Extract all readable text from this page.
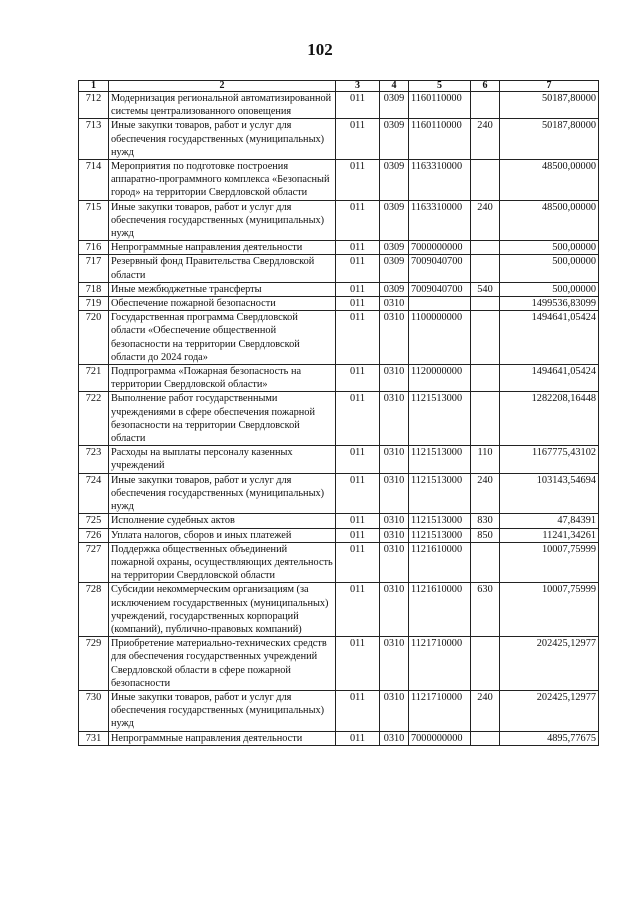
102
1	2	3	4	5	6	7
712	Модернизация региональной автоматизированной системы централизованного оповещения	011	0309	1160110000		50187,80000
713	Иные закупки товаров, работ и услуг для обеспечения государственных (муниципальных) нужд	011	0309	1160110000	240	50187,80000
714	Мероприятия по подготовке построения аппаратно-программного комплекса «Безопасный город» на территории Свердловской области	011	0309	1163310000		48500,00000
715	Иные закупки товаров, работ и услуг для обеспечения государственных (муниципальных) нужд	011	0309	1163310000	240	48500,00000
716	Непрограммные направления деятельности	011	0309	7000000000		500,00000
717	Резервный фонд Правительства Свердловской области	011	0309	7009040700		500,00000
718	Иные межбюджетные трансферты	011	0309	7009040700	540	500,00000
719	Обеспечение пожарной безопасности	011	0310			1499536,83099
720	Государственная программа Свердловской области «Обеспечение общественной безопасности на территории Свердловской области до 2024 года»	011	0310	1100000000		1494641,05424
721	Подпрограмма «Пожарная безопасность на территории Свердловской области»	011	0310	1120000000		1494641,05424
722	Выполнение работ государственными учреждениями в сфере обеспечения пожарной безопасности на территории Свердловской области	011	0310	1121513000		1282208,16448
723	Расходы на выплаты персоналу казенных учреждений	011	0310	1121513000	110	1167775,43102
724	Иные закупки товаров, работ и услуг для обеспечения государственных (муниципальных) нужд	011	0310	1121513000	240	103143,54694
725	Исполнение судебных актов	011	0310	1121513000	830	47,84391
726	Уплата налогов, сборов и иных платежей	011	0310	1121513000	850	11241,34261
727	Поддержка общественных объединений пожарной охраны, осуществляющих деятельность на территории Свердловской области	011	0310	1121610000		10007,75999
728	Субсидии некоммерческим организациям (за исключением государственных (муниципальных) учреждений, государственных корпораций (компаний), публично-правовых компаний)	011	0310	1121610000	630	10007,75999
729	Приобретение материально-технических средств для обеспечения государственных учреждений Свердловской области в сфере пожарной безопасности	011	0310	1121710000		202425,12977
730	Иные закупки товаров, работ и услуг для обеспечения государственных (муниципальных) нужд	011	0310	1121710000	240	202425,12977
731	Непрограммные направления деятельности	011	0310	7000000000		4895,77675
